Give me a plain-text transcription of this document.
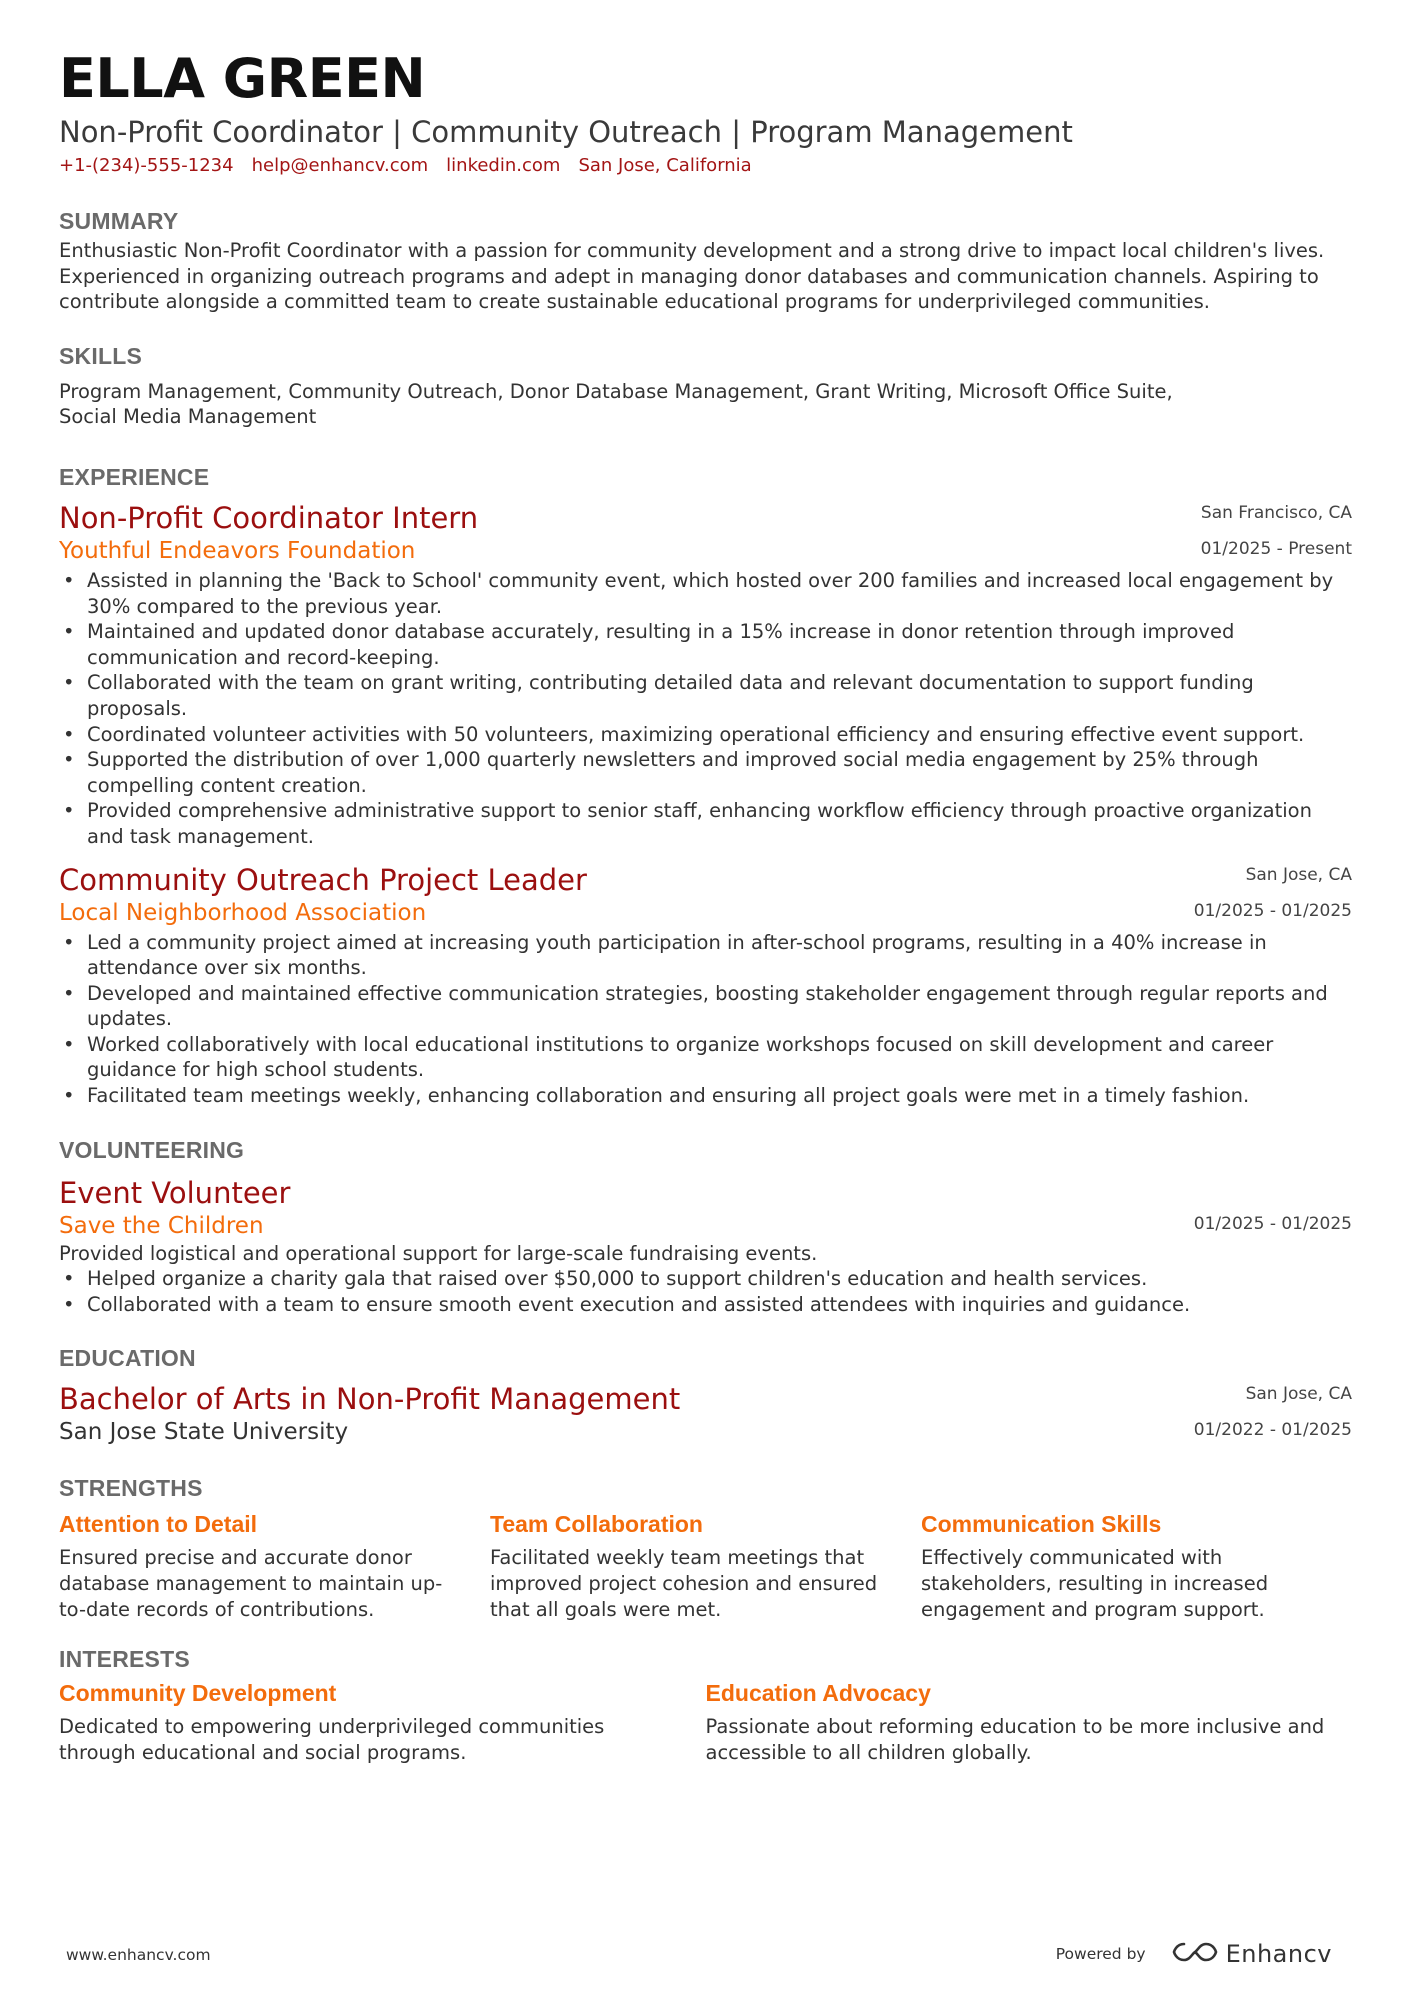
ELLA GREEN
Non-Profit Coordinator | Community Outreach | Program Management
+1-(234)-555-1234 help@enhancv.com linkedin.com San Jose, California
SUMMARY
Enthusiastic Non-Profit Coordinator with a passion for community development and a strong drive to impact local children's lives. Experienced in organizing outreach programs and adept in managing donor databases and communication channels. Aspiring to contribute alongside a committed team to create sustainable educational programs for underprivileged communities.
SKILLS
Program Management, Community Outreach, Donor Database Management, Grant Writing, Microsoft Office Suite, Social Media Management
EXPERIENCE
San Francisco, CA
01/2025 - Present
Non-Profit Coordinator Intern
Youthful Endeavors Foundation
• Assisted in planning the 'Back to School' community event, which hosted over 200 families and increased local engagement by 30% compared to the previous year.
• Maintained and updated donor database accurately, resulting in a 15% increase in donor retention through improved communication and record-keeping.
• Collaborated with the team on grant writing, contributing detailed data and relevant documentation to support funding proposals.
• Coordinated volunteer activities with 50 volunteers, maximizing operational efficiency and ensuring effective event support.
• Supported the distribution of over 1,000 quarterly newsletters and improved social media engagement by 25% through compelling content creation.
• Provided comprehensive administrative support to senior staff, enhancing workflow efficiency through proactive organization and task management.
San Jose, CA
01/2025 - 01/2025
Community Outreach Project Leader
Local Neighborhood Association
• Led a community project aimed at increasing youth participation in after-school programs, resulting in a 40% increase in attendance over six months.
• Developed and maintained effective communication strategies, boosting stakeholder engagement through regular reports and updates.
• Worked collaboratively with local educational institutions to organize workshops focused on skill development and career guidance for high school students.
• Facilitated team meetings weekly, enhancing collaboration and ensuring all project goals were met in a timely fashion.
VOLUNTEERING
01/2025 - 01/2025
Event Volunteer
Save the Children
Provided logistical and operational support for large-scale fundraising events.
• Helped organize a charity gala that raised over $50,000 to support children's education and health services.
• Collaborated with a team to ensure smooth event execution and assisted attendees with inquiries and guidance.
EDUCATION
San Jose, CA
01/2022 - 01/2025
Bachelor of Arts in Non-Profit Management
San Jose State University
STRENGTHS
Attention to Detail
Ensured precise and accurate donor database management to maintain up-to-date records of contributions.
Team Collaboration
Facilitated weekly team meetings that improved project cohesion and ensured that all goals were met.
Communication Skills
Effectively communicated with stakeholders, resulting in increased engagement and program support.
INTERESTS
Community Development
Dedicated to empowering underprivileged communities through educational and social programs.
Education Advocacy
Passionate about reforming education to be more inclusive and accessible to all children globally.
www.enhancv.com	Powered by	Enhancv
